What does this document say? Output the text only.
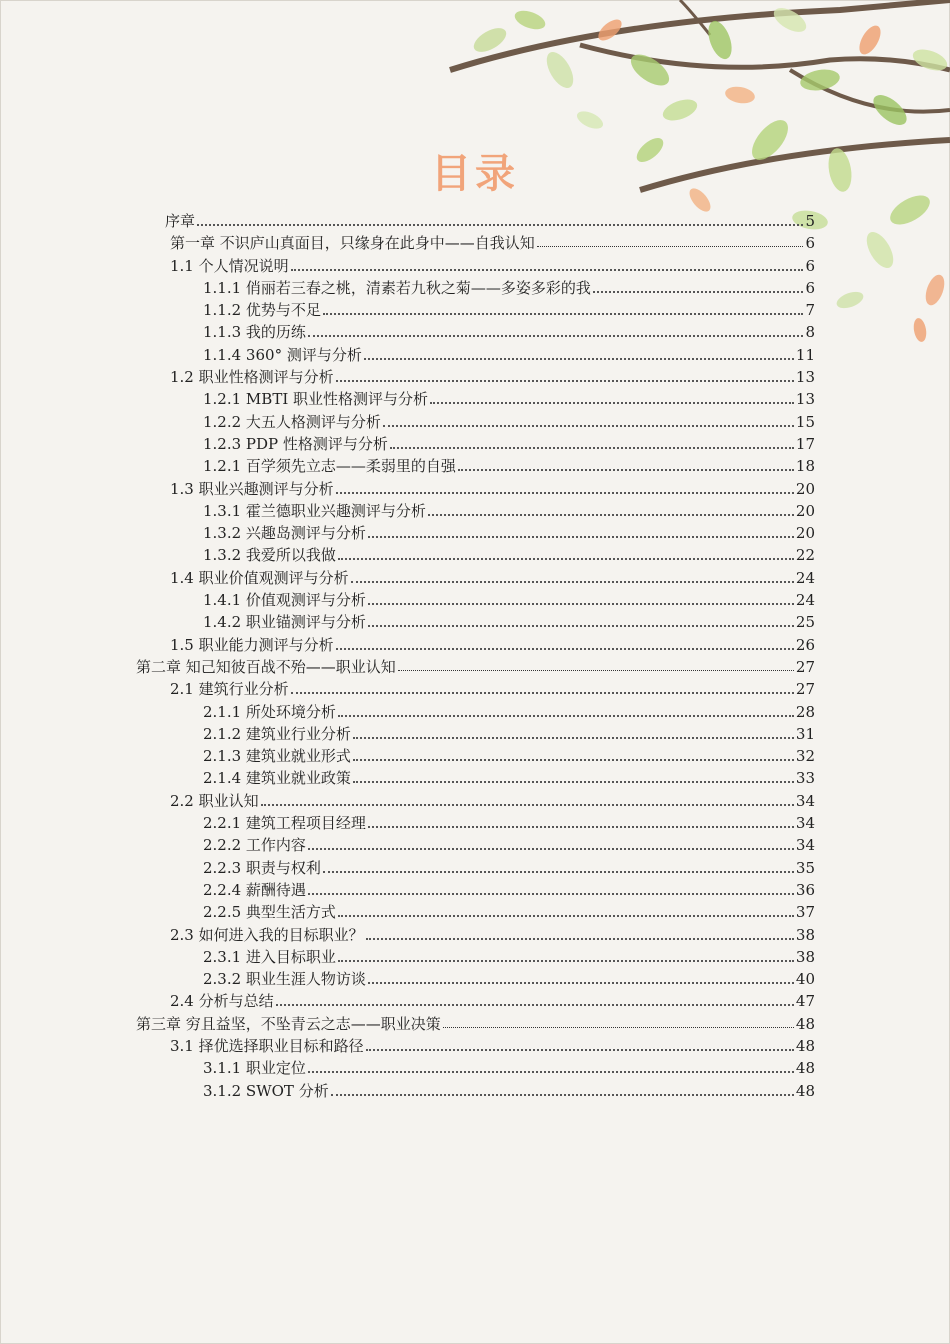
目录
序章	5
第一章 不识庐山真面目，只缘身在此身中——自我认知	6
1.1 个人情况说明	6
1.1.1 俏丽若三春之桃，清素若九秋之菊——多姿多彩的我	6
1.1.2 优势与不足	7
1.1.3 我的历练	8
1.1.4 360° 测评与分析	11
1.2 职业性格测评与分析	13
1.2.1 MBTI 职业性格测评与分析	13
1.2.2 大五人格测评与分析	15
1.2.3 PDP 性格测评与分析	17
1.2.1 百学须先立志——柔弱里的自强	18
1.3 职业兴趣测评与分析	20
1.3.1 霍兰德职业兴趣测评与分析	20
1.3.2 兴趣岛测评与分析	20
1.3.2 我爱所以我做	22
1.4 职业价值观测评与分析	24
1.4.1 价值观测评与分析	24
1.4.2 职业锚测评与分析	25
1.5 职业能力测评与分析	26
第二章 知己知彼百战不殆——职业认知	27
2.1 建筑行业分析	27
2.1.1 所处环境分析	28
2.1.2 建筑业行业分析	31
2.1.3 建筑业就业形式	32
2.1.4 建筑业就业政策	33
2.2 职业认知	34
2.2.1 建筑工程项目经理	34
2.2.2 工作内容	34
2.2.3 职责与权利	35
2.2.4 薪酬待遇	36
2.2.5 典型生活方式	37
2.3 如何进入我的目标职业？	38
2.3.1 进入目标职业	38
2.3.2 职业生涯人物访谈	40
2.4 分析与总结	47
第三章 穷且益坚，不坠青云之志——职业决策	48
3.1 择优选择职业目标和路径	48
3.1.1 职业定位	48
3.1.2 SWOT 分析	48
